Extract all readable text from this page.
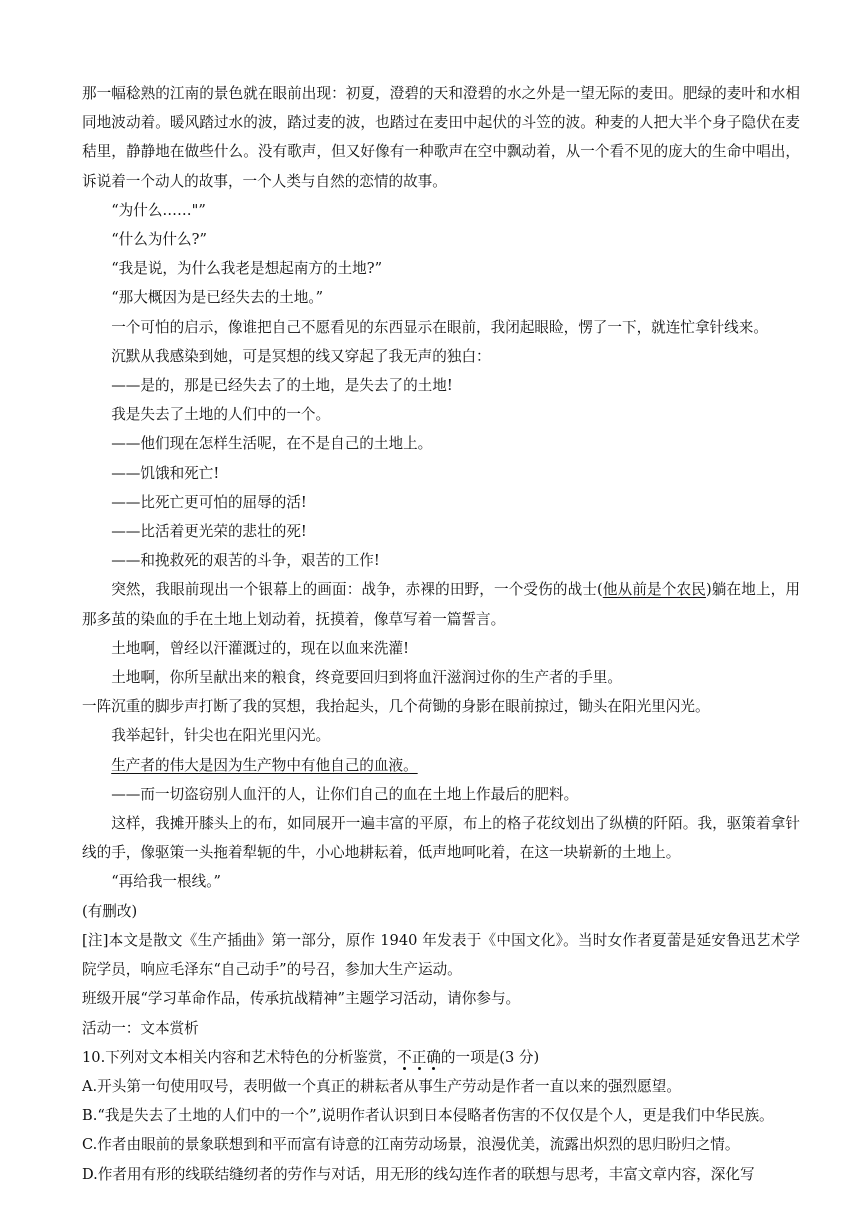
那一幅稔熟的江南的景色就在眼前出现：初夏，澄碧的天和澄碧的水之外是一望无际的麦田。肥绿的麦叶和水相同地波动着。暖风踏过水的波，踏过麦的波，也踏过在麦田中起伏的斗笠的波。种麦的人把大半个身子隐伏在麦秸里，静静地在做些什么。没有歌声，但又好像有一种歌声在空中飘动着，从一个看不见的庞大的生命中唱出，诉说着一个动人的故事，一个人类与自然的恋情的故事。

“为什么……"”

“什么为什么?”

“我是说，为什么我老是想起南方的土地?”

“那大概因为是已经失去的土地。”

一个可怕的启示，像谁把自己不愿看见的东西显示在眼前，我闭起眼睑，愣了一下，就连忙拿针线来。

沉默从我感染到她，可是冥想的线又穿起了我无声的独白：

——是的，那是已经失去了的土地，是失去了的土地!

我是失去了土地的人们中的一个。

——他们现在怎样生活呢，在不是自己的土地上。

——饥饿和死亡!

——比死亡更可怕的屈辱的活!

——比活着更光荣的悲壮的死!

——和挽救死的艰苦的斗争，艰苦的工作!

突然，我眼前现出一个银幕上的画面：战争，赤裸的田野，一个受伤的战士(他从前是个农民)躺在地上，用那多茧的染血的手在土地上划动着，抚摸着，像草写着一篇誓言。

土地啊，曾经以汗灌溉过的，现在以血来洗灌!

土地啊，你所呈献出来的粮食，终竟要回归到将血汗滋润过你的生产者的手里。

一阵沉重的脚步声打断了我的冥想，我抬起头，几个荷锄的身影在眼前掠过，锄头在阳光里闪光。

我举起针，针尖也在阳光里闪光。

生产者的伟大是因为生产物中有他自己的血液。

——而一切盗窃别人血汗的人，让你们自己的血在土地上作最后的肥料。

这样，我摊开膝头上的布，如同展开一遍丰富的平原，布上的格子花纹划出了纵横的阡陌。我，驱策着拿针线的手，像驱策一头拖着犁轭的牛，小心地耕耘着，低声地呵叱着，在这一块崭新的土地上。

“再给我一根线。”

(有删改)

[注]本文是散文《生产插曲》第一部分，原作 1940 年发表于《中国文化》。当时女作者夏蕾是延安鲁迅艺术学院学员，响应毛泽东“自己动手”的号召，参加大生产运动。

班级开展“学习革命作品，传承抗战精神”主题学习活动，请你参与。

活动一：文本赏析

10.下列对文本相关内容和艺术特色的分析鉴赏，不正确的一项是(3 分)

A.开头第一句使用叹号，表明做一个真正的耕耘者从事生产劳动是作者一直以来的强烈愿望。

B.“我是失去了土地的人们中的一个”,说明作者认识到日本侵略者伤害的不仅仅是个人，更是我们中华民族。

C.作者由眼前的景象联想到和平而富有诗意的江南劳动场景，浪漫优美，流露出炽烈的思归盼归之情。

D.作者用有形的线联结缝纫者的劳作与对话，用无形的线勾连作者的联想与思考，丰富文章内容，深化写
